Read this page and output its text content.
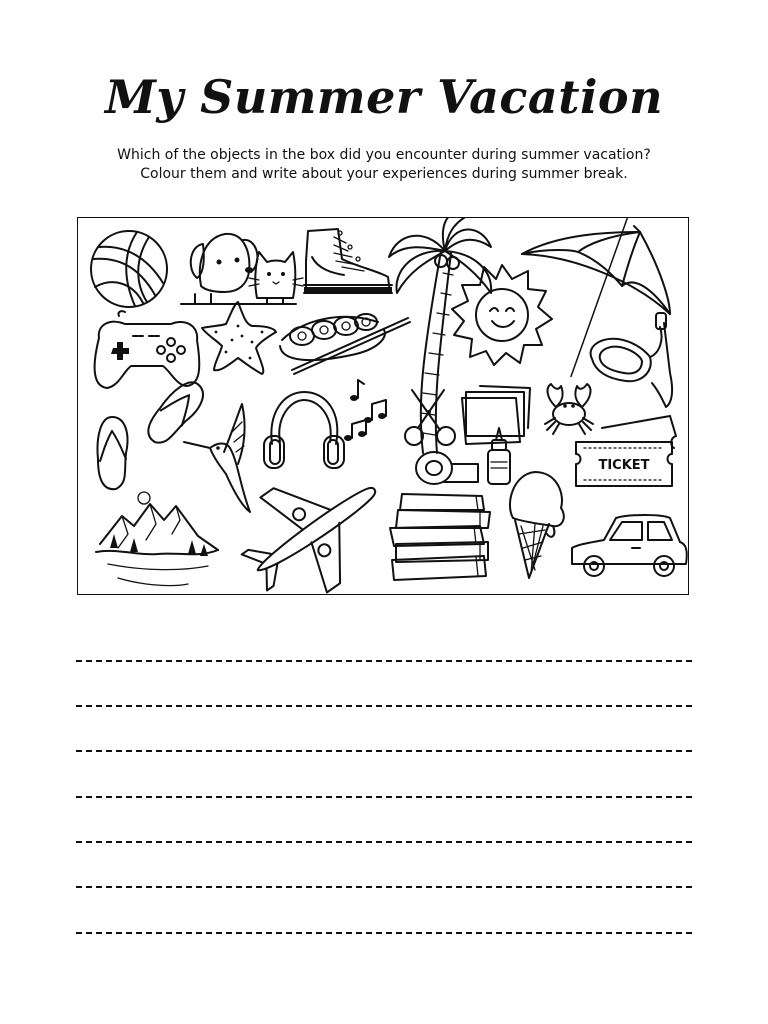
My Summer Vacation
Which of the objects in the box did you encounter during summer vacation?
Colour them and write about your experiences during summer break.
TICKET
